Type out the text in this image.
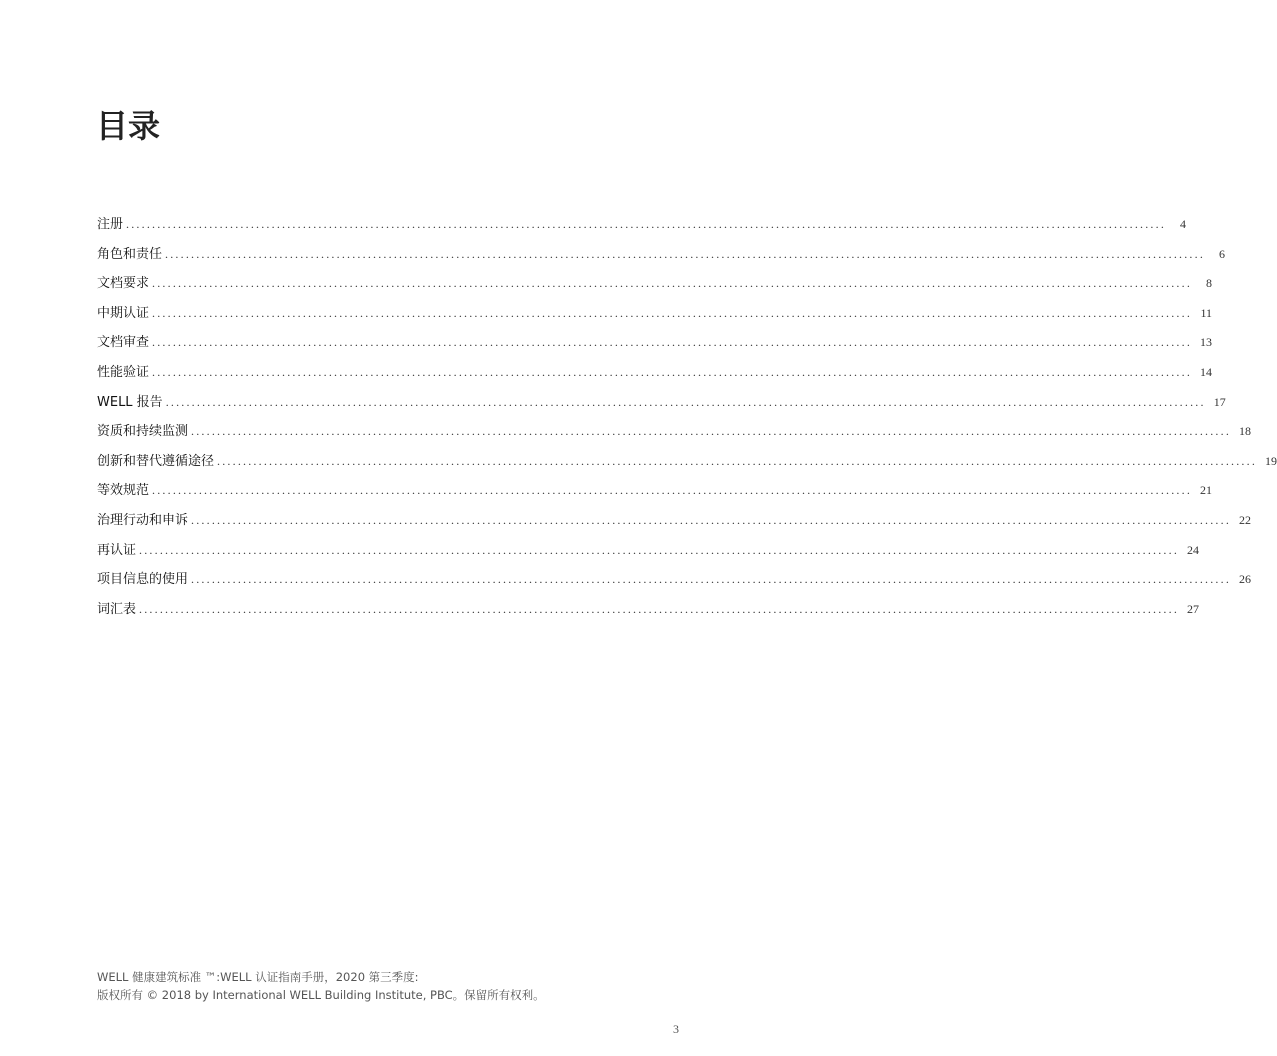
目录
注册 ........................................................................................................................................................................................................	4
角色和责任 ........................................................................................................................................................................................................	6
文档要求 ........................................................................................................................................................................................................	8
中期认证 ........................................................................................................................................................................................................ 11
文档审查 ........................................................................................................................................................................................................ 13
性能验证 ........................................................................................................................................................................................................ 14
WELL 报告 ........................................................................................................................................................................................................ 17
资质和持续监测 ........................................................................................................................................................................................................ 18
创新和替代遵循途径 ........................................................................................................................................................................................................ 19
等效规范 ........................................................................................................................................................................................................ 21
治理行动和申诉 ........................................................................................................................................................................................................ 22
再认证 ........................................................................................................................................................................................................ 24
项目信息的使用 ........................................................................................................................................................................................................ 26
词汇表 ........................................................................................................................................................................................................ 27
WELL 健康建筑标准 ™:WELL 认证指南手册，2020 第三季度:
版权所有 © 2018 by International WELL Building Institute, PBC。保留所有权利。
3
